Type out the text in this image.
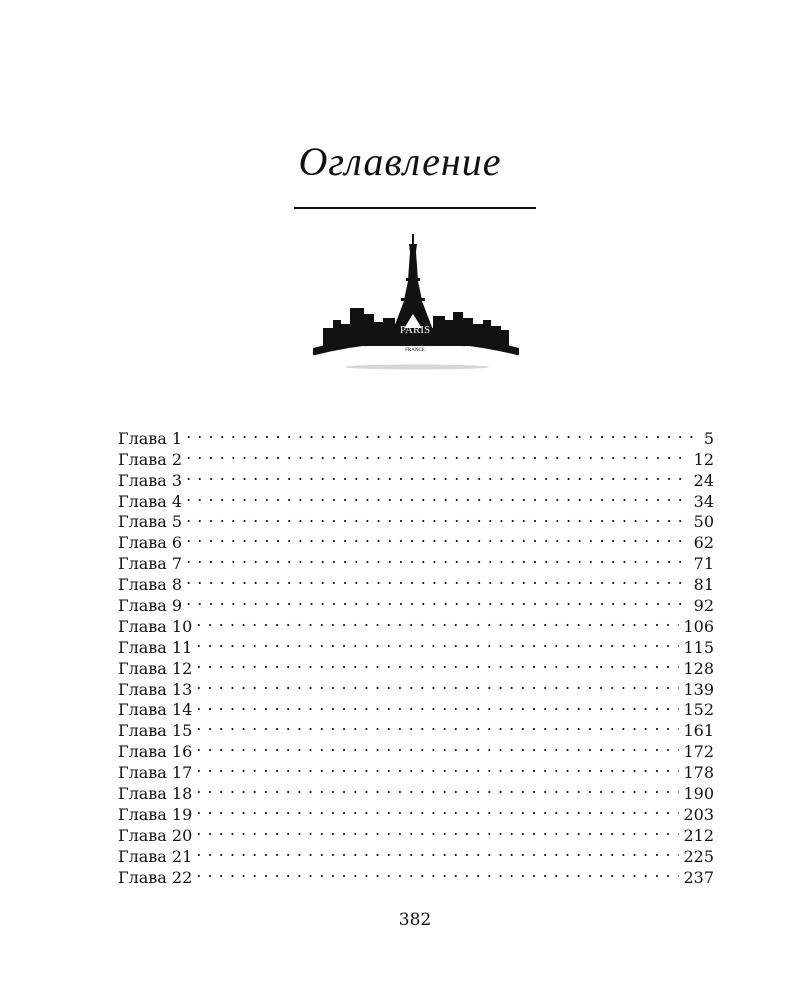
Оглавление
PARIS
FRANCE
Глава 1 . . .	5
Глава 2 . . .	12
Глава 3 . . .	24
Глава 4 . . .	34
Глава 5 . . .	50
Глава 6 . . .	62
Глава 7 . . .	71
Глава 8 . . .	81
Глава 9 . . .	92
Глава 10 . . .	106
Глава 11 . . .	115
Глава 12 . . .	128
Глава 13 . . .	139
Глава 14 . . .	152
Глава 15 . . .	161
Глава 16 . . .	172
Глава 17 . . .	178
Глава 18 . . .	190
Глава 19 . . .	203
Глава 20 . . .	212
Глава 21 . . .	225
Глава 22 . . .	237
382
